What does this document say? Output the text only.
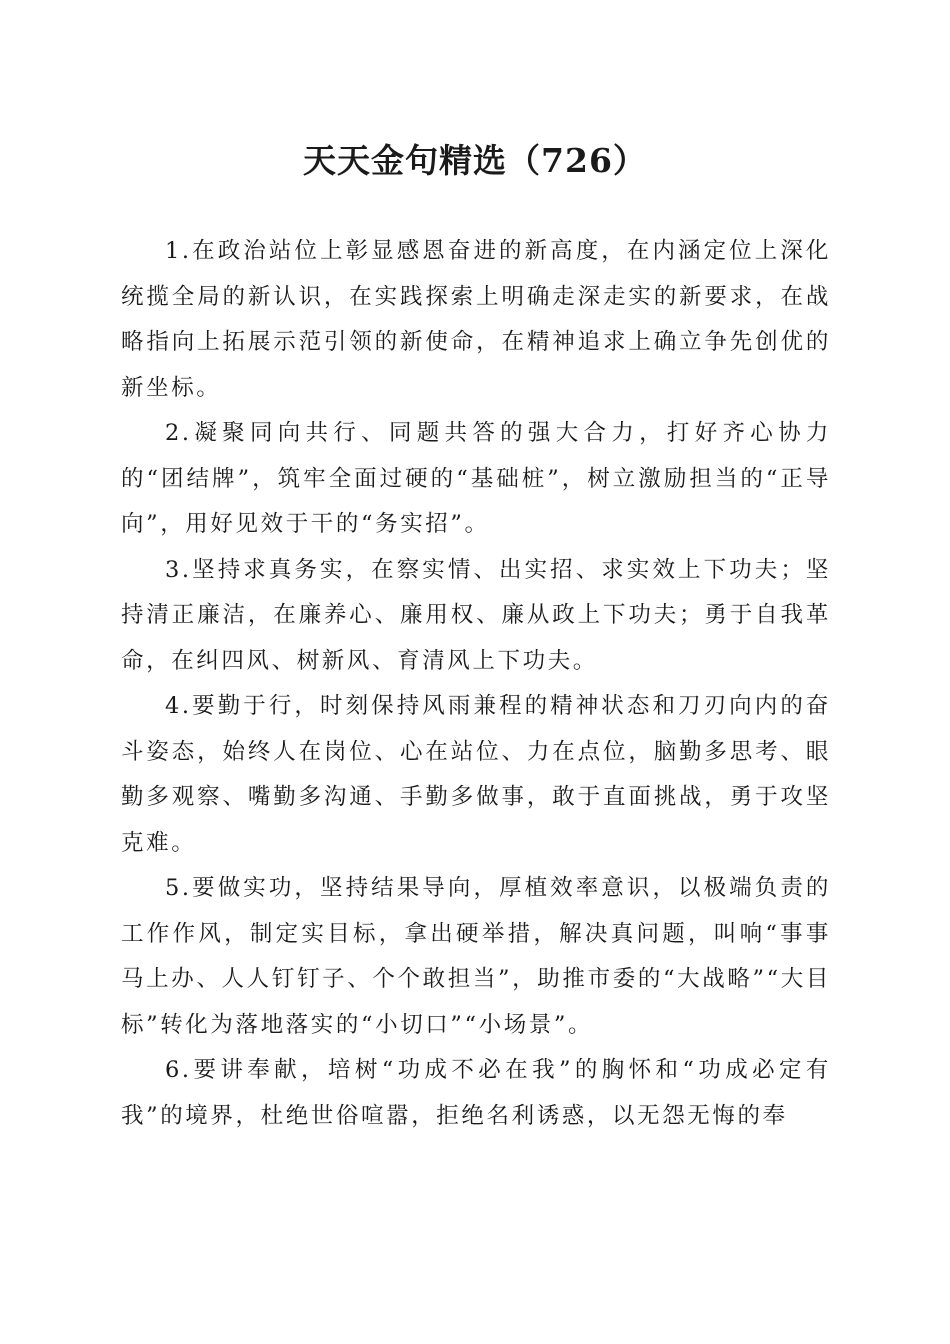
天天金句精选（726）

1.在政治站位上彰显感恩奋进的新高度，在内涵定位上深化统揽全局的新认识，在实践探索上明确走深走实的新要求，在战略指向上拓展示范引领的新使命，在精神追求上确立争先创优的新坐标。

2.凝聚同向共行、同题共答的强大合力，打好齐心协力的“团结牌”，筑牢全面过硬的“基础桩”，树立激励担当的“正导向”，用好见效于干的“务实招”。

3.坚持求真务实，在察实情、出实招、求实效上下功夫；坚持清正廉洁，在廉养心、廉用权、廉从政上下功夫；勇于自我革命，在纠四风、树新风、育清风上下功夫。

4.要勤于行，时刻保持风雨兼程的精神状态和刀刃向内的奋斗姿态，始终人在岗位、心在站位、力在点位，脑勤多思考、眼勤多观察、嘴勤多沟通、手勤多做事，敢于直面挑战，勇于攻坚克难。

5.要做实功，坚持结果导向，厚植效率意识，以极端负责的工作作风，制定实目标，拿出硬举措，解决真问题，叫响“事事马上办、人人钉钉子、个个敢担当”，助推市委的“大战略”“大目标”转化为落地落实的“小切口”“小场景”。

6.要讲奉献，培树“功成不必在我”的胸怀和“功成必定有我”的境界，杜绝世俗喧嚣，拒绝名利诱惑，以无怨无悔的奉
